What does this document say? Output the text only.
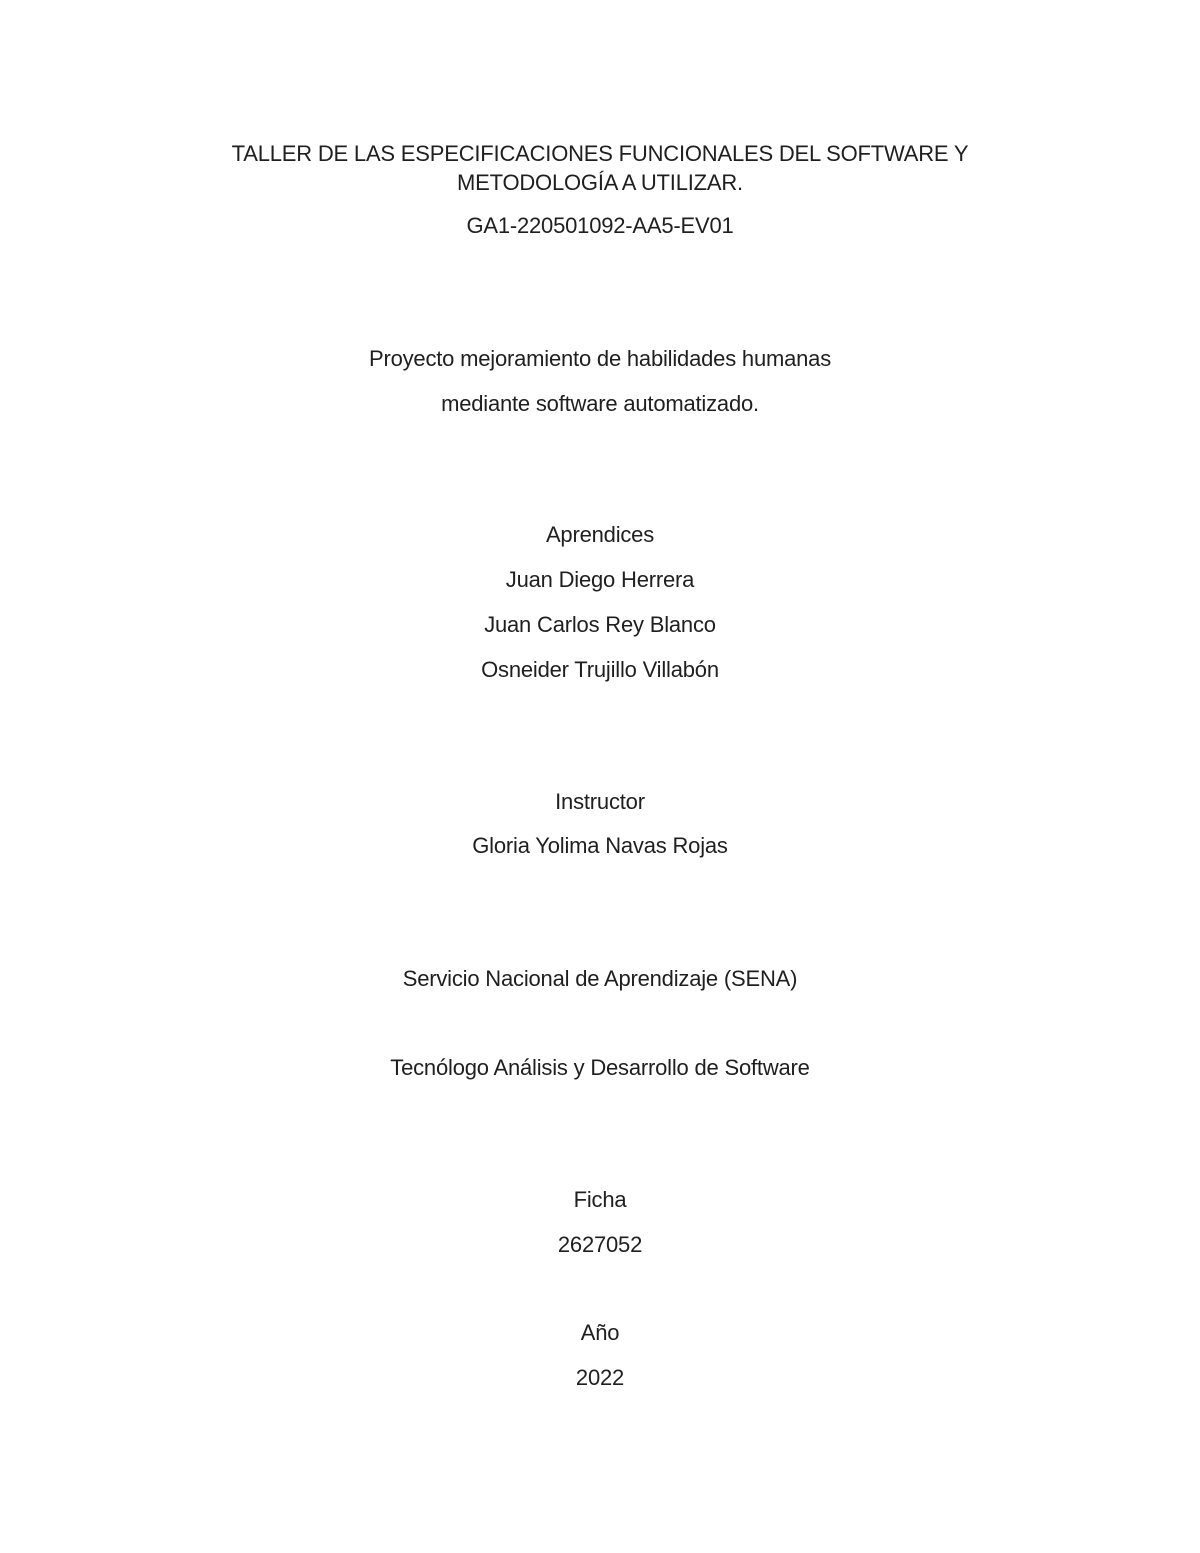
TALLER DE LAS ESPECIFICACIONES FUNCIONALES DEL SOFTWARE Y
METODOLOGÍA A UTILIZAR.
GA1-220501092-AA5-EV01
Proyecto mejoramiento de habilidades humanas
mediante software automatizado.
Aprendices
Juan Diego Herrera
Juan Carlos Rey Blanco
Osneider Trujillo Villabón
Instructor
Gloria Yolima Navas Rojas
Servicio Nacional de Aprendizaje (SENA)
Tecnólogo Análisis y Desarrollo de Software
Ficha
2627052
Año
2022
